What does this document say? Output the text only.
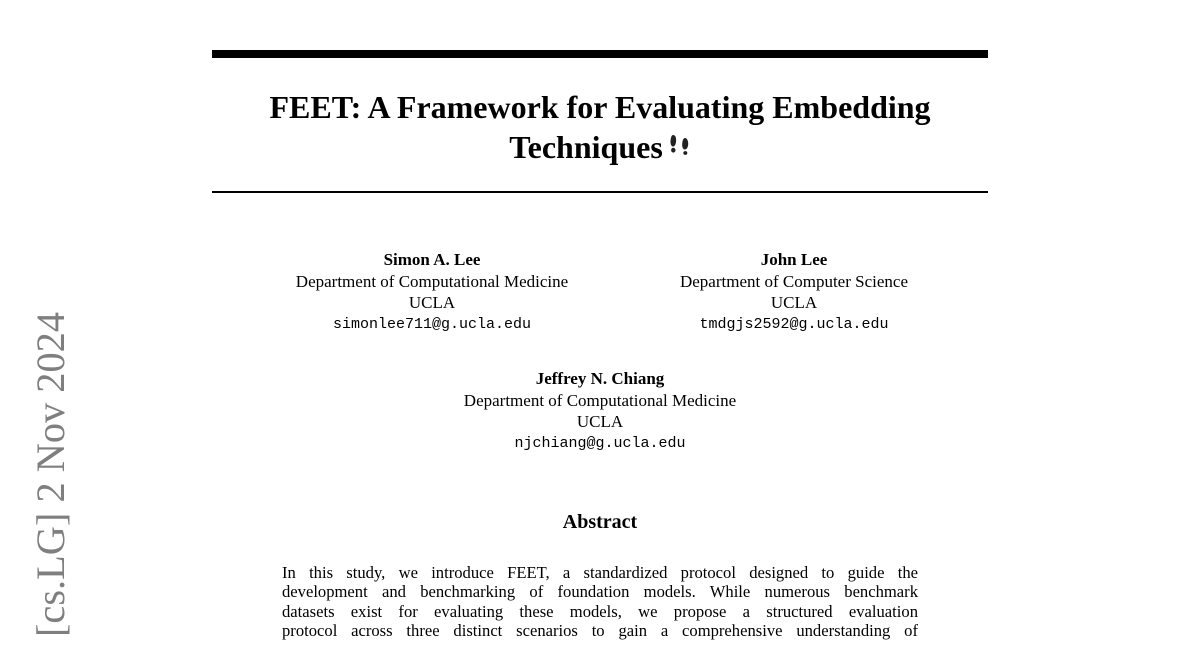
[cs.LG] 2 Nov 2024
FEET: A Framework for Evaluating Embedding
Techniques
Simon A. Lee
Department of Computational Medicine
UCLA
simonlee711@g.ucla.edu
John Lee
Department of Computer Science
UCLA
tmdgjs2592@g.ucla.edu
Jeffrey N. Chiang
Department of Computational Medicine
UCLA
njchiang@g.ucla.edu
Abstract
In this study, we introduce FEET, a standardized protocol designed to guide the
development and benchmarking of foundation models. While numerous benchmark
datasets exist for evaluating these models, we propose a structured evaluation
protocol across three distinct scenarios to gain a comprehensive understanding of
